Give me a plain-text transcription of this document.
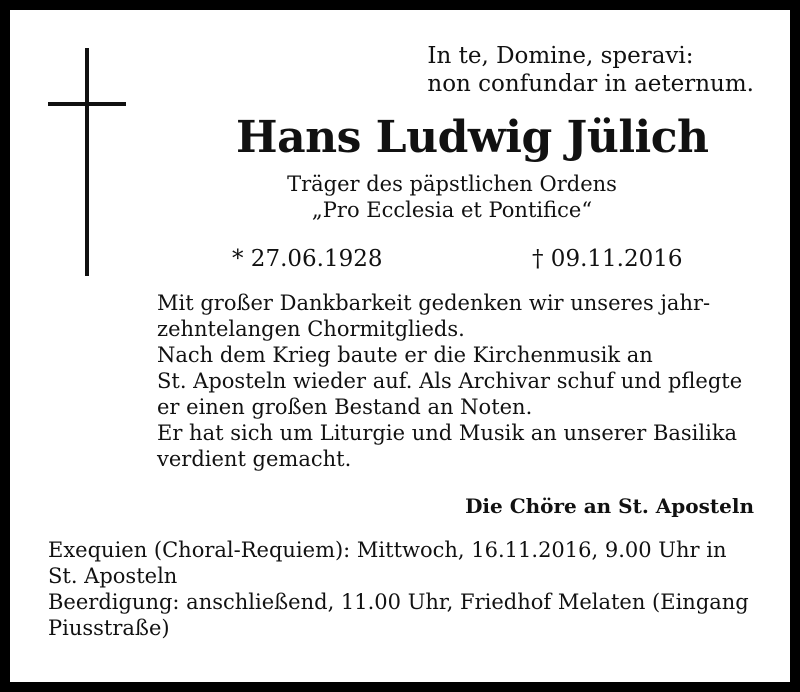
In te, Domine, speravi:
non confundar in aeternum.
Hans Ludwig Jülich
Träger des päpstlichen Ordens
„Pro Ecclesia et Pontifice“
* 27.06.1928	† 09.11.2016
Mit großer Dankbarkeit gedenken wir unseres jahr-
zehntelangen Chormitglieds.
Nach dem Krieg baute er die Kirchenmusik an
St. Aposteln wieder auf. Als Archivar schuf und pflegte
er einen großen Bestand an Noten.
Er hat sich um Liturgie und Musik an unserer Basilika
verdient gemacht.
Die Chöre an St. Aposteln
Exequien (Choral-Requiem): Mittwoch, 16.11.2016, 9.00 Uhr in
St. Aposteln
Beerdigung: anschließend, 11.00 Uhr, Friedhof Melaten (Eingang
Piusstraße)
